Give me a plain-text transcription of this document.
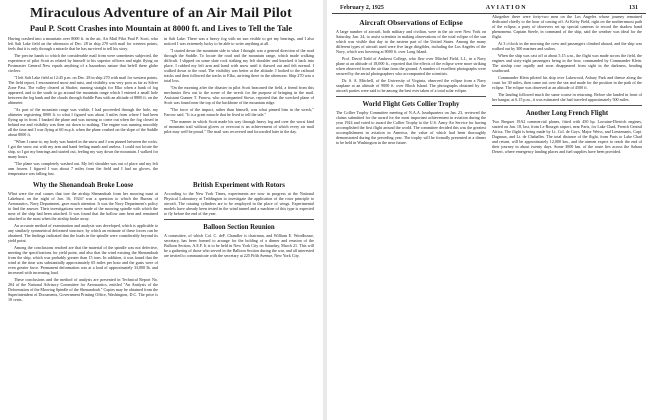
Miraculous Adventure of an Air Mail Pilot
Paul P. Scott Crashes into Mountain at 8000 ft. and Lives to Tell the Tale

Having crashed into a mountain over 8000 ft. in the air, Air Mail Pilot Paul P. Scott, who left Salt Lake field on the afternoon of Dec. 28 in ship 270 with mail for western points, feels that it is only through a miracle that he has survived to tell his story.

The precise hands to which the considerable mail from were sometimes subjected, the experience of pilot Scott as related by himself to his superior officers and night flying on Postmaster General New equals anything of a hazardous nature that befell these globe circlers.

"I left Salt Lake field at 12:45 p.m. on Dec. 28 in ship 270 with mail for western points. The field report, I encountered snow and mist, and visibility was very poor as far as Silver Zone Pass. The valley cleared at Shafter, running straight for Elko when a bank of fog appeared, and to the south to go around the mountain range which I entered a small hole between the fog bank and the clouds through Saddle Pass with an altitude of 8800 ft. on the altimeter.

"As part of the mountain range was visible, I had proceeded through the hole, my altimeter registering 8000 ft. to what I figured was about 3 miles from where I had been flying up in front. I banked the plane and was turning to come out when the fog closed in behind me and visibility was then cut down to nothing. The engine was running smoothly all the time and I was flying at 60 m.p.h. when the plane crashed on the slope of the Saddle about 8000 ft.

"When I came to, my body was buried in the snow and I was pinned between the rocks. I got the snow out with my arm and hand feeling numb and useless. I could not locate the ship, so I got my bearings and started out, feeling my way down the mountain. I walked for many hours.

"The plane was completely washed out. My left shoulder was out of place and my left arm frozen. I figured I was about 7 miles from the field and I had no gloves, the temperature was falling fast.

in Salt Lake. There was a heavy fog with no sun visible to get my bearings, and I also noticed I was extremely lucky to be able to write anything at all.

"I started down the mountain side to what I thought was a general direction of the road through the Saddle. To locate the road and the mountain range, which made walking difficult. I slipped on some slate rock striking my left shoulder and knocked it back into place. I rubbed my left arm and hand with snow until it thawed out and felt normal. I walked down to the road. The visibility was better at the altitude. I looked to the railroad tracks and then followed the tracks to Elko, arriving there in the afternoon. Ship 270 was a total loss.

"On the morning after the disaster in pilot Scott beaconed the field, a friend from this mechanics flew out to the scene of the wreck for the purpose of bringing in the mail. Assistant Gunner T. Farrow, who accompanied Stowe, reported that the wrecked plane of Scott was found near the top of the backbone of the mountain ridge.

"The force of the impact, rather than himself, was what pinned him in the wreck," Farrow said. "It is a great miracle that he lived to tell the tale."

"The manner in which Scott made his way through heavy fog and over the worst kind of mountain trail without gloves or overcoat is an achievement of which every air mail pilot may well be proud." The mail was recovered and forwarded later in the day.

Why the Shenandoah Broke Loose

What were the real causes that tore the airship Shenandoah from her mooring mast at Lakehurst on the night of Jan. 16, 1924? was a question to which the Bureau of Aeronautics, Navy Department, gave much attention. It was the Navy Department's policy to find the answer. Their investigations were made of the mooring spindle with which the nose of the ship had been attached. It was found that the hollow arm bent and remained attached to the mast when the airship broke away.

An accurate method of examination and analysis was developed, which is applicable to any similarly symmetrical deformed structure, by which an estimate of these forces can be obtained. The findings indicated that the loads in the spindle were considerably beyond its yield point.

Among the conclusions reached are that the material of the spindle was not defective, meeting the specifications for yield point, and also that the wind existing the Shenandoah from the ship, which was probably greater than 15 tons. In addition, it was found that the wind at the time was substantially approximately 65 miles per hour and the gusts were of even greater force. Permanent deformation was at a load of approximately 33,000 lb. and increased with increasing load.

These conclusions and the method of analysis are presented in Technical Report No. 204 of the National Advisory Committee for Aeronautics, entitled "An Analysis of the Deformation of the Mooring Spindle of the Shenandoah." Copies may be obtained from the Superintendent of Documents, Government Printing Office, Washington, D.C. The price is 10 cents.

British Experiment with Rotors

According to the New York Times, experiments are now in progress at the National Physical Laboratory at Teddington to investigate the application of the rotor principle to aircraft. The rotating cylinders are to be employed in the place of wings. Experimental models have already been tested in the wind tunnel and a machine of this type is expected to fly before the end of the year.

Balloon Section Reunion

A committee, of which Col. C. deF. Chandler is chairman, and William E. Woodhouse, secretary, has been formed to arrange for the holding of a dinner and reunion of the Balloon Section, A.E.F. It is to be held in New York City on Saturday, March 21. This will be a gathering of those who served in the Balloon Section during the war, and all interested are invited to communicate with the secretary at 225 Fifth Avenue, New York City.

February 2, 1925	AVIATION	131
Aircraft Observations of Eclipse

A large number of aircraft, both military and civilian, were in the air over New York on Saturday, Jan. 24, to assist scientists in making observations of the total eclipse of the sun which was visible that day in the eastern part of the United States. Among the many different types of aircraft used were five large dirigibles, including the Los Angeles of the Navy, which was hovering at 8000 ft. over Long Island.

Prof. David Todd of Amherst College, who flew over Mitchel Field, L.I., in a Navy plane at an altitude of 18,000 ft., reported that the effects of the eclipse were more striking when observed from the air than from the ground. A number of excellent photographs were secured by the aerial photographers who accompanied the scientists.

Dr. S. A. Mitchell, of the University of Virginia, observed the eclipse from a Navy seaplane at an altitude of 9000 ft. over Block Island. The photographs obtained by the aircraft parties were said to be among the best ever taken of a total solar eclipse.

World Flight Gets Collier Trophy

The Collier Trophy Committee meeting of N.A.A. headquarters on Jan. 23, reviewed the claims submitted for the award for the most important achievement in aviation during the year 1924 and voted to award the Collier Trophy to the U.S. Army Air Service for having accomplished the first flight around the world. The committee decided this was the greatest accomplishment in aviation in America, the value of which had been thoroughly demonstrated during the preceding year. The trophy will be formally presented at a dinner to be held in Washington in the near future.

Altogether there were forty-two men on the Los Angeles whose journey remained dedicated chiefly to the hour of casting off. At Kirby Field, right on the northernmost path of the eclipse, a party of observers set up special cameras to record the shadow band phenomena. Captain Steele, in command of the ship, said the weather was ideal for the flight.

At 3 o'clock in the morning the crew and passengers climbed aboard, and the ship was walked out by 300 marines and sailors.

When the ship was cast off at about 5.15 a.m., the flight was made across the field, the engines and sixty-eight passengers being in the bow, commanded by Commander Klein. The airship rose rapidly and soon disappeared from sight in the darkness, heading southward.

Commander Klein piloted his ship over Lakewood, Asbury Park and thence along the coast for 30 miles, then came out over the sea and made for the position in the path of the eclipse. The eclipse was observed at an altitude of 4500 ft.

The landing followed much the same course in returning. Before she landed in front of her hangar, at 6.15 p.m., it was estimated she had traveled approximately 500 miles.

Another Long French Flight

Two Breguet 19A2 commercial planes, fitted with 450 hp. Lorraine-Dietrich engines, started on Jan. 18, last, from Le Bourget airport, near Paris, for Lake Chad, French Central Africa. The flight is being made by Lt. Col. de Goys, Major Weiss, and Lieutenants, Capt. Dagnaux, and Lt. de Chaballes. The total distance of the flight, from Paris to Lake Chad and return, will be approximately 12,000 km., and the airmen expect to reach the end of their journey in about twenty days. Some 3000 km. of the route lies across the Sahara Desert, where emergency landing places and fuel supplies have been provided.
